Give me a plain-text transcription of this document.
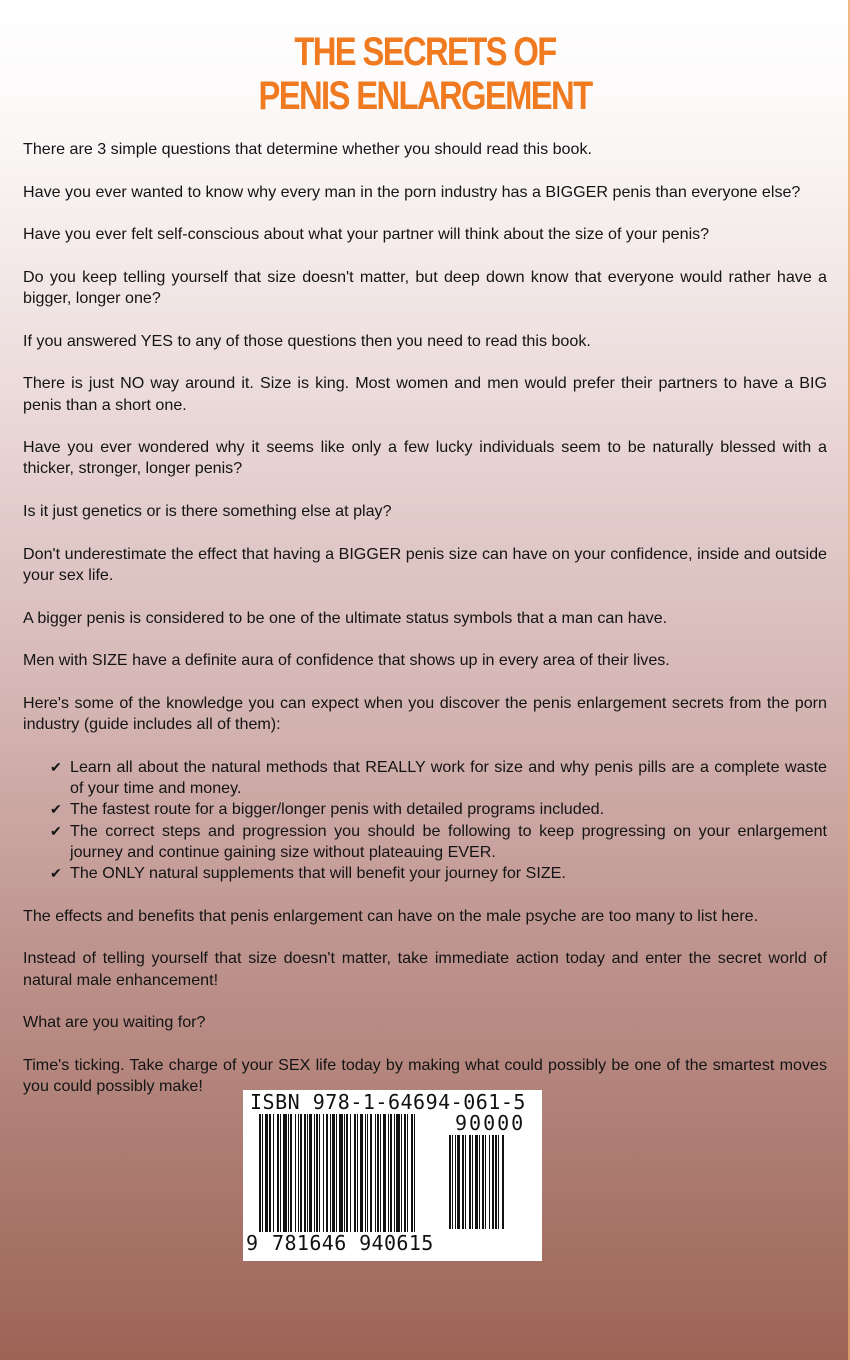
THE SECRETS OF
PENIS ENLARGEMENT

There are 3 simple questions that determine whether you should read this book.

Have you ever wanted to know why every man in the porn industry has a BIGGER penis than everyone else?

Have you ever felt self-conscious about what your partner will think about the size of your penis?

Do you keep telling yourself that size doesn't matter, but deep down know that everyone would rather have a bigger, longer one?

If you answered YES to any of those questions then you need to read this book.

There is just NO way around it. Size is king. Most women and men would prefer their partners to have a BIG penis than a short one.

Have you ever wondered why it seems like only a few lucky individuals seem to be naturally blessed with a thicker, stronger, longer penis?

Is it just genetics or is there something else at play?

Don't underestimate the effect that having a BIGGER penis size can have on your confidence, inside and outside your sex life.

A bigger penis is considered to be one of the ultimate status symbols that a man can have.

Men with SIZE have a definite aura of confidence that shows up in every area of their lives.

Here's some of the knowledge you can expect when you discover the penis enlargement secrets from the porn industry (guide includes all of them):

✔ Learn all about the natural methods that REALLY work for size and why penis pills are a complete waste of your time and money.
✔ The fastest route for a bigger/longer penis with detailed programs included.
✔ The correct steps and progression you should be following to keep progressing on your enlargement journey and continue gaining size without plateauing EVER.
✔ The ONLY natural supplements that will benefit your journey for SIZE.

The effects and benefits that penis enlargement can have on the male psyche are too many to list here.

Instead of telling yourself that size doesn't matter, take immediate action today and enter the secret world of natural male enhancement!

What are you waiting for?

Time's ticking. Take charge of your SEX life today by making what could possibly be one of the smartest moves you could possibly make!

ISBN 978-1-64694-061-5
90000
9 781646 940615
